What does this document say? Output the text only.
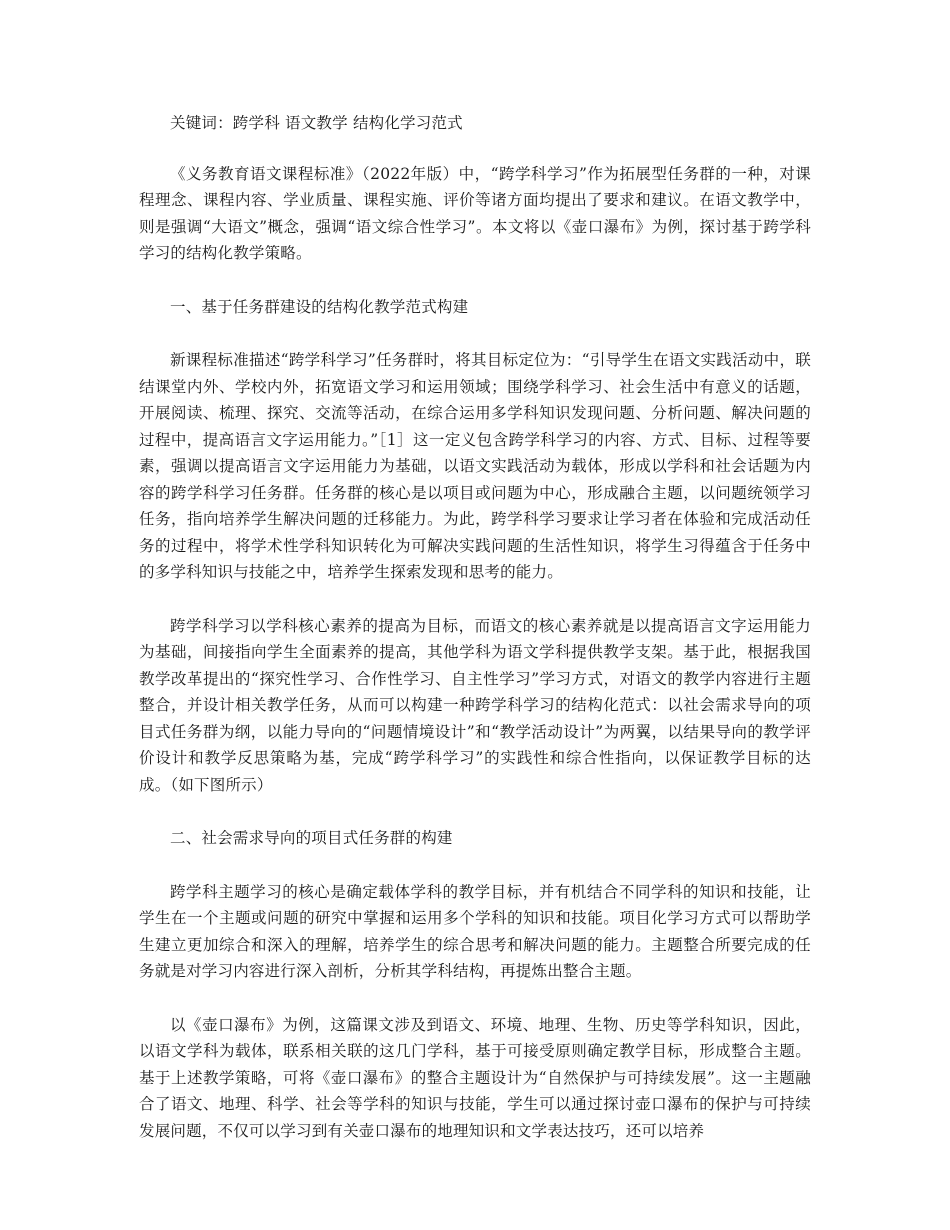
关键词：跨学科 语文教学 结构化学习范式

《义务教育语文课程标准》（2022年版）中，“跨学科学习”作为拓展型任务群的一种，对课程理念、课程内容、学业质量、课程实施、评价等诸方面均提出了要求和建议。在语文教学中，则是强调“大语文”概念，强调“语文综合性学习”。本文将以《壶口瀑布》为例，探讨基于跨学科学习的结构化教学策略。

一、基于任务群建设的结构化教学范式构建

新课程标准描述“跨学科学习”任务群时，将其目标定位为：“引导学生在语文实践活动中，联结课堂内外、学校内外，拓宽语文学习和运用领域；围绕学科学习、社会生活中有意义的话题，开展阅读、梳理、探究、交流等活动，在综合运用多学科知识发现问题、分析问题、解决问题的过程中，提高语言文字运用能力。”［1］这一定义包含跨学科学习的内容、方式、目标、过程等要素，强调以提高语言文字运用能力为基础，以语文实践活动为载体，形成以学科和社会话题为内容的跨学科学习任务群。任务群的核心是以项目或问题为中心，形成融合主题，以问题统领学习任务，指向培养学生解决问题的迁移能力。为此，跨学科学习要求让学习者在体验和完成活动任务的过程中，将学术性学科知识转化为可解决实践问题的生活性知识，将学生习得蕴含于任务中的多学科知识与技能之中，培养学生探索发现和思考的能力。

跨学科学习以学科核心素养的提高为目标，而语文的核心素养就是以提高语言文字运用能力为基础，间接指向学生全面素养的提高，其他学科为语文学科提供教学支架。基于此，根据我国教学改革提出的“探究性学习、合作性学习、自主性学习”学习方式，对语文的教学内容进行主题整合，并设计相关教学任务，从而可以构建一种跨学科学习的结构化范式：以社会需求导向的项目式任务群为纲，以能力导向的“问题情境设计”和“教学活动设计”为两翼，以结果导向的教学评价设计和教学反思策略为基，完成“跨学科学习”的实践性和综合性指向，以保证教学目标的达成。（如下图所示）

二、社会需求导向的项目式任务群的构建

跨学科主题学习的核心是确定载体学科的教学目标，并有机结合不同学科的知识和技能，让学生在一个主题或问题的研究中掌握和运用多个学科的知识和技能。项目化学习方式可以帮助学生建立更加综合和深入的理解，培养学生的综合思考和解决问题的能力。主题整合所要完成的任务就是对学习内容进行深入剖析，分析其学科结构，再提炼出整合主题。

以《壶口瀑布》为例，这篇课文涉及到语文、环境、地理、生物、历史等学科知识，因此，以语文学科为载体，联系相关联的这几门学科，基于可接受原则确定教学目标，形成整合主题。基于上述教学策略，可将《壶口瀑布》的整合主题设计为“自然保护与可持续发展”。这一主题融合了语文、地理、科学、社会等学科的知识与技能，学生可以通过探讨壶口瀑布的保护与可持续发展问题，不仅可以学习到有关壶口瀑布的地理知识和文学表达技巧，还可以培养
